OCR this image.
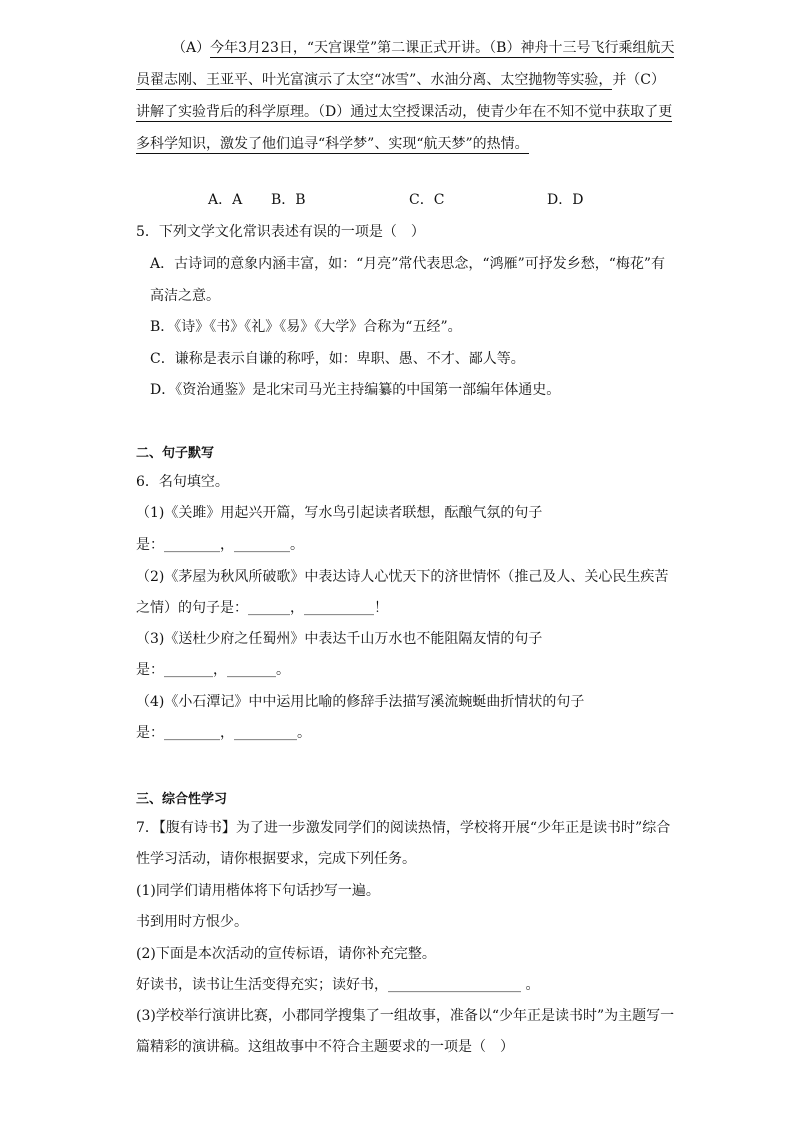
（A）今年3月23日，“天宫课堂”第二课正式开讲。（B）神舟十三号飞行乘组航天
员翟志刚、王亚平、叶光富演示了太空“冰雪”、水油分离、太空抛物等实验，并（C）
讲解了实验背后的科学原理。（D）通过太空授课活动，使青少年在不知不觉中获取了更
多科学知识，激发了他们追寻“科学梦”、实现“航天梦”的热情。
A．A B．B	C．C	D．D
5．下列文学文化常识表述有误的一项是（　）
A．古诗词的意象内涵丰富，如：“月亮”常代表思念，“鸿雁”可抒发乡愁，“梅花”有
高洁之意。
B．《诗》《书》《礼》《易》《大学》合称为“五经”。
C．谦称是表示自谦的称呼，如：卑职、愚、不才、鄙人等。
D．《资治通鉴》是北宋司马光主持编纂的中国第一部编年体通史。
二、句子默写
6．名句填空。
（1)《关雎》用起兴开篇，写水鸟引起读者联想，酝酿气氛的句子
是：________，________。
（2)《茅屋为秋风所破歌》中表达诗人心忧天下的济世情怀（推己及人、关心民生疾苦
之情）的句子是：______，__________！
（3)《送杜少府之任蜀州》中表达千山万水也不能阻隔友情的句子
是：_______，_______。
（4)《小石潭记》中中运用比喻的修辞手法描写溪流蜿蜒曲折情状的句子
是：________，_________。
三、综合性学习
7．【腹有诗书】为了进一步激发同学们的阅读热情，学校将开展“少年正是读书时”综合
性学习活动，请你根据要求，完成下列任务。
(1)同学们请用楷体将下句话抄写一遍。
书到用时方恨少。
(2)下面是本次活动的宣传标语，请你补充完整。
好读书，读书让生活变得充实；读好书，___________________ 。
(3)学校举行演讲比赛，小郡同学搜集了一组故事，准备以“少年正是读书时”为主题写一
篇精彩的演讲稿。这组故事中不符合主题要求的一项是（　）
